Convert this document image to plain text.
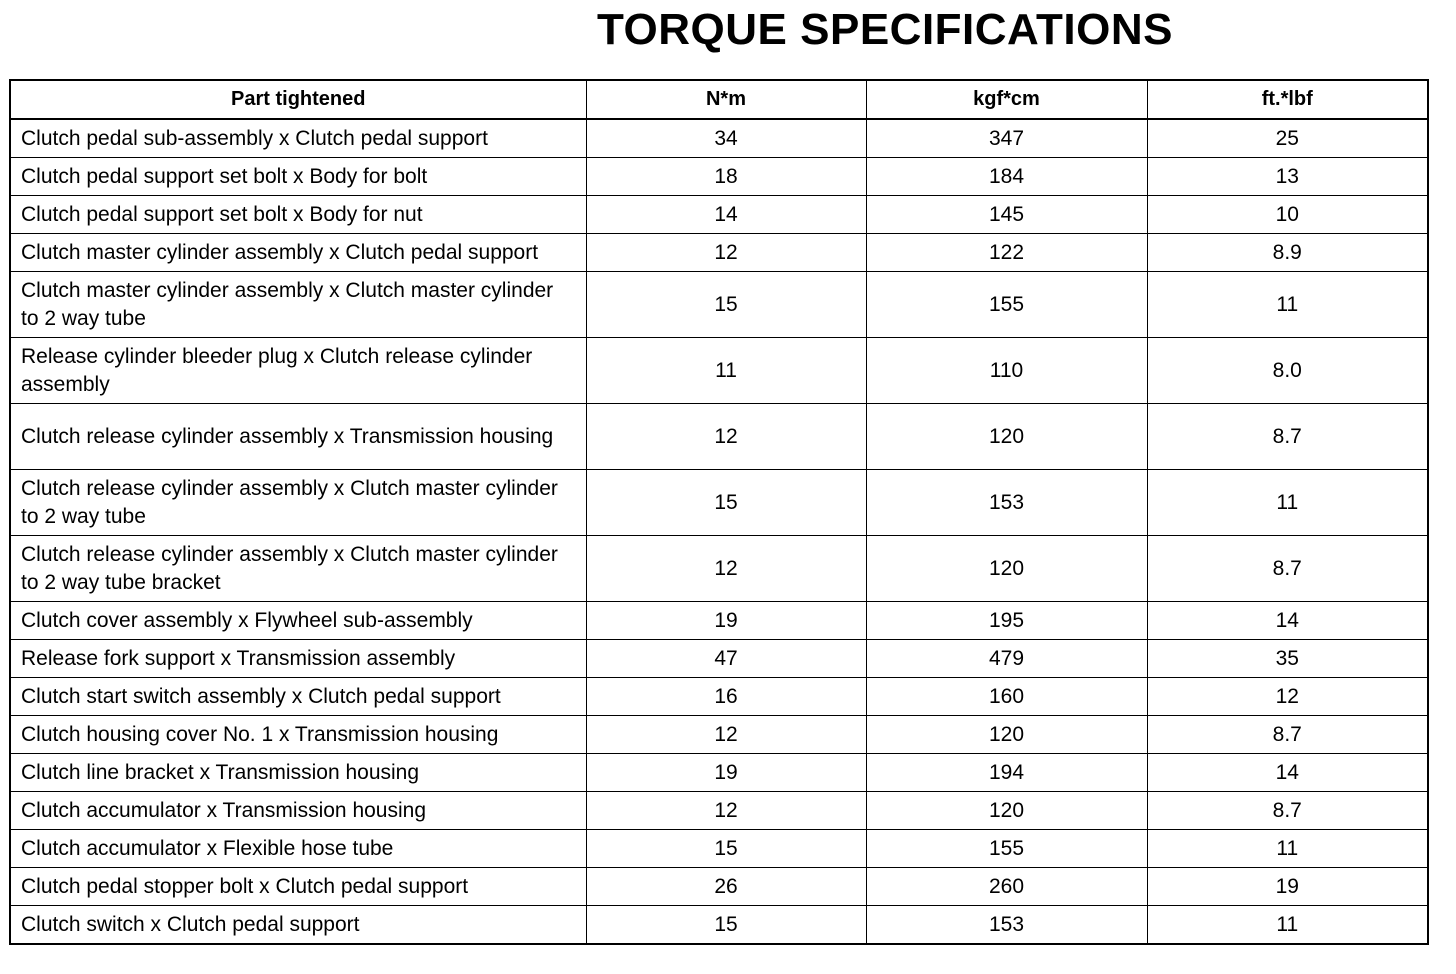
TORQUE SPECIFICATIONS
Part tightened	N*m	kgf*cm	ft.*lbf
Clutch pedal sub-assembly x Clutch pedal support	34	347	25
Clutch pedal support set bolt x Body for bolt	18	184	13
Clutch pedal support set bolt x Body for nut	14	145	10
Clutch master cylinder assembly x Clutch pedal support	12	122	8.9
Clutch master cylinder assembly x Clutch master cylinder to 2 way tube	15	155	11
Release cylinder bleeder plug x Clutch release cylinder assembly	11	110	8.0
Clutch release cylinder assembly x Transmission housing	12	120	8.7
Clutch release cylinder assembly x Clutch master cylinder to 2 way tube	15	153	11
Clutch release cylinder assembly x Clutch master cylinder to 2 way tube bracket	12	120	8.7
Clutch cover assembly x Flywheel sub-assembly	19	195	14
Release fork support x Transmission assembly	47	479	35
Clutch start switch assembly x Clutch pedal support	16	160	12
Clutch housing cover No. 1 x Transmission housing	12	120	8.7
Clutch line bracket x Transmission housing	19	194	14
Clutch accumulator x Transmission housing	12	120	8.7
Clutch accumulator x Flexible hose tube	15	155	11
Clutch pedal stopper bolt x Clutch pedal support	26	260	19
Clutch switch x Clutch pedal support	15	153	11
